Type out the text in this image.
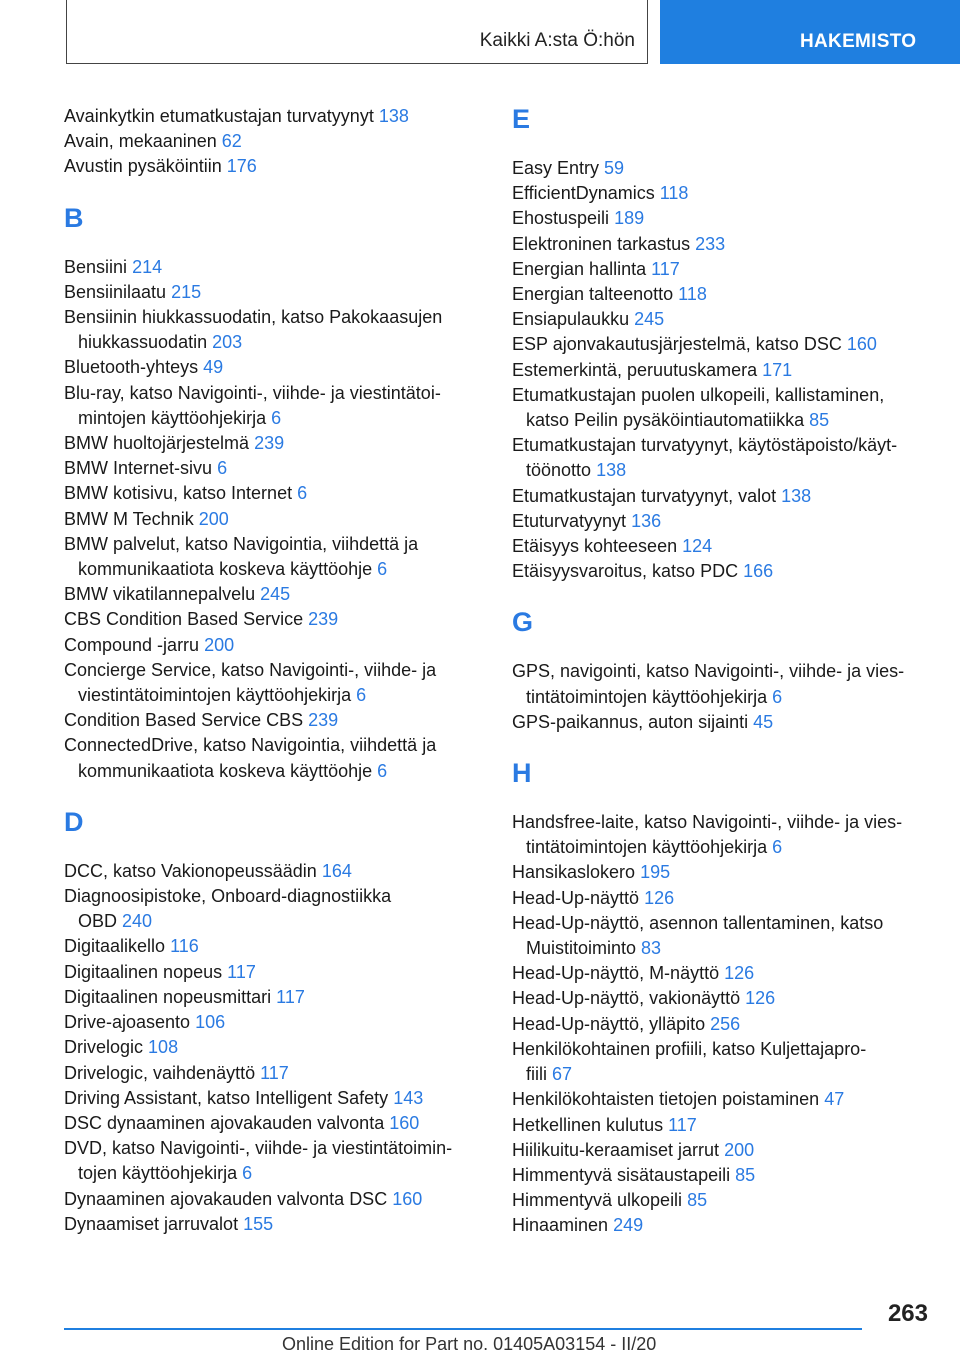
Kaikki A:sta Ö:hön	HAKEMISTO
Avainkytkin etumatkustajan turvatyynyt 138
Avain, mekaaninen 62
Avustin pysäköintiin 176
B
Bensiini 214
Bensiinilaatu 215
Bensiinin hiukkassuodatin, katso Pakokaasujen
hiukkassuodatin 203
Bluetooth-yhteys 49
Blu-ray, katso Navigointi-, viihde- ja viestintätoi-
mintojen käyttöohjekirja 6
BMW huoltojärjestelmä 239
BMW Internet-sivu 6
BMW kotisivu, katso Internet 6
BMW M Technik 200
BMW palvelut, katso Navigointia, viihdettä ja
kommunikaatiota koskeva käyttöohje 6
BMW vikatilannepalvelu 245
CBS Condition Based Service 239
Compound -jarru 200
Concierge Service, katso Navigointi-, viihde- ja
viestintätoimintojen käyttöohjekirja 6
Condition Based Service CBS 239
ConnectedDrive, katso Navigointia, viihdettä ja
kommunikaatiota koskeva käyttöohje 6
D
DCC, katso Vakionopeussäädin 164
Diagnoosipistoke, Onboard-diagnostiikka
OBD 240
Digitaalikello 116
Digitaalinen nopeus 117
Digitaalinen nopeusmittari 117
Drive-ajoasento 106
Drivelogic 108
Drivelogic, vaihdenäyttö 117
Driving Assistant, katso Intelligent Safety 143
DSC dynaaminen ajovakauden valvonta 160
DVD, katso Navigointi-, viihde- ja viestintätoimin-
tojen käyttöohjekirja 6
Dynaaminen ajovakauden valvonta DSC 160
Dynaamiset jarruvalot 155
E
Easy Entry 59
EfficientDynamics 118
Ehostuspeili 189
Elektroninen tarkastus 233
Energian hallinta 117
Energian talteenotto 118
Ensiapulaukku 245
ESP ajonvakautusjärjestelmä, katso DSC 160
Estemerkintä, peruutuskamera 171
Etumatkustajan puolen ulkopeili, kallistaminen,
katso Peilin pysäköintiautomatiikka 85
Etumatkustajan turvatyynyt, käytöstäpoisto/käyt-
töönotto 138
Etumatkustajan turvatyynyt, valot 138
Etuturvatyynyt 136
Etäisyys kohteeseen 124
Etäisyysvaroitus, katso PDC 166
G
GPS, navigointi, katso Navigointi-, viihde- ja vies-
tintätoimintojen käyttöohjekirja 6
GPS-paikannus, auton sijainti 45
H
Handsfree-laite, katso Navigointi-, viihde- ja vies-
tintätoimintojen käyttöohjekirja 6
Hansikaslokero 195
Head-Up-näyttö 126
Head-Up-näyttö, asennon tallentaminen, katso
Muistitoiminto 83
Head-Up-näyttö, M-näyttö 126
Head-Up-näyttö, vakionäyttö 126
Head-Up-näyttö, ylläpito 256
Henkilökohtainen profiili, katso Kuljettajapro-
fiili 67
Henkilökohtaisten tietojen poistaminen 47
Hetkellinen kulutus 117
Hiilikuitu-keraamiset jarrut 200
Himmentyvä sisätaustapeili 85
Himmentyvä ulkopeili 85
Hinaaminen 249
263
Online Edition for Part no. 01405A03154 - II/20
